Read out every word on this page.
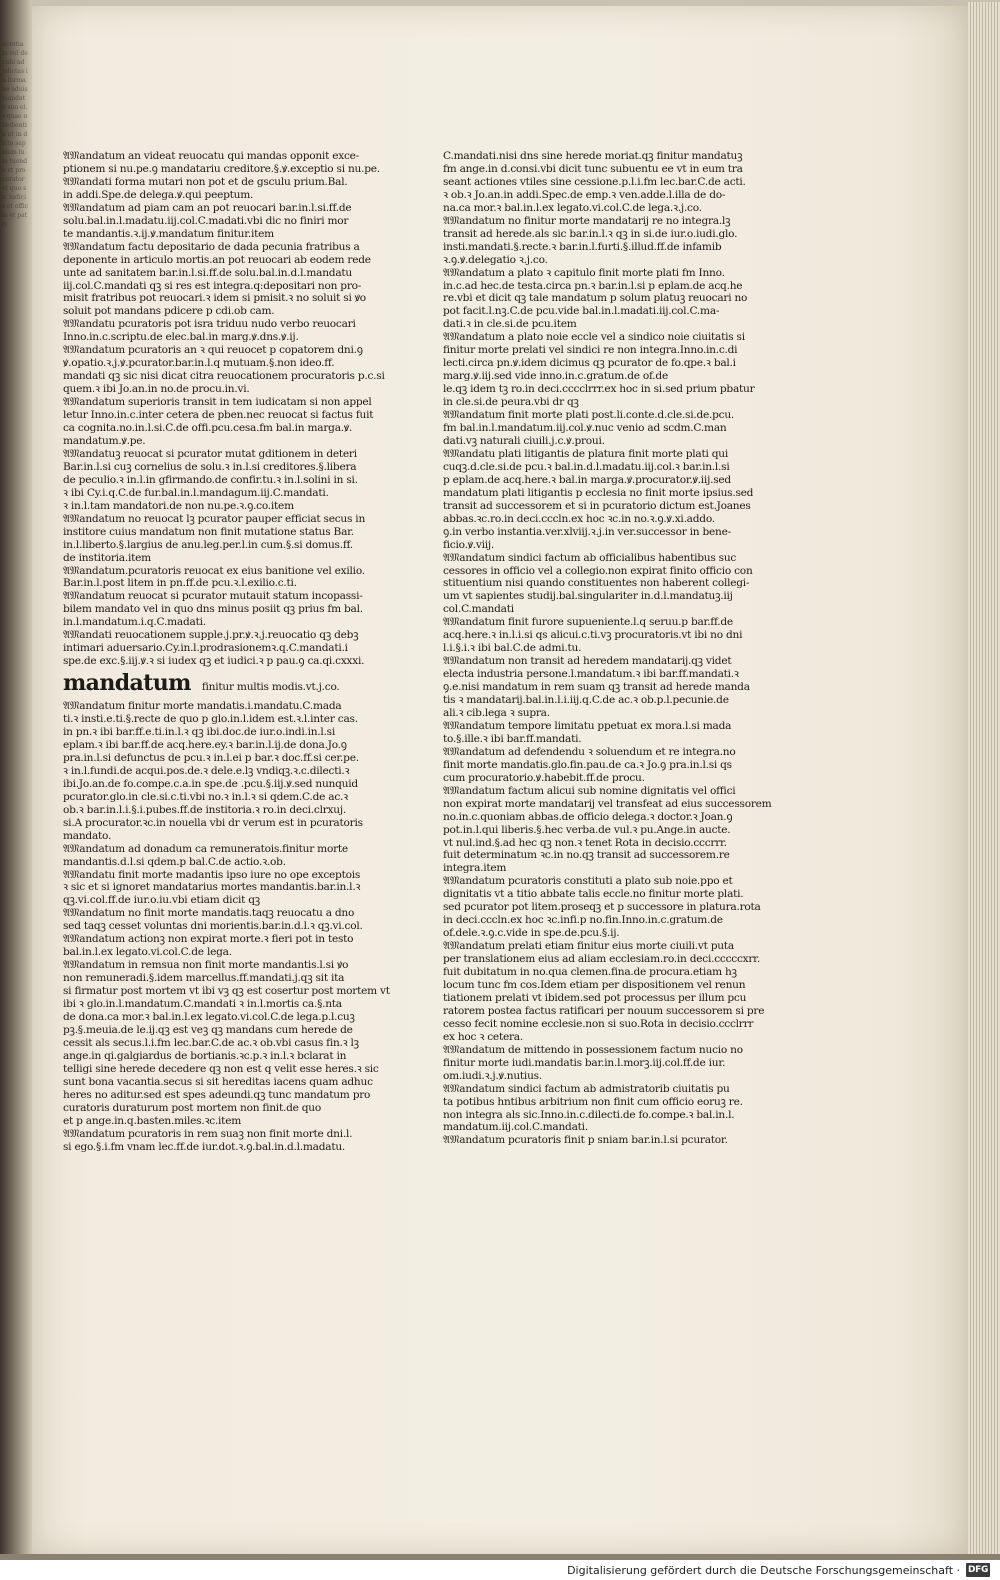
ncretiam vel decubi ad pdictas in forma ne aduis mandato suo ei.ꝛ quae obedientia ut in dicto sapoiam ium tuendo vt procurator et quo sic iudicis et officio et patri
𝔄𝔐andatum an videat reuocatu qui mandas opponit exce-
ptionem si nu.pe.ꝯ mandatariu creditore.§.ꝟ.exceptio si nu.pe.
𝔄𝔐andati forma mutari non pot et de gsculu prium.Bal.
in addi.Spe.de delega.ꝟ.qui peeptum.
𝔄𝔐andatum ad piam cam an pot reuocari bar.in.l.si.ff.de
solu.bal.in.l.madatu.iij.col.C.madati.vbi dic no finiri mor
te mandantis.ꝛ.ij.ꝟ.mandatum finitur.item
𝔄𝔐andatum factu depositario de dada pecunia fratribus a
deponente in articulo mortis.an pot reuocari ab eodem rede
unte ad sanitatem bar.in.l.si.ff.de solu.bal.in.d.l.mandatu
iij.col.C.mandati qꝫ si res est integra.q:depositari non pro-
misit fratribus pot reuocari.ꝛ idem si pmisit.ꝛ no soluit si ꝟo
soluit pot mandans pdicere p cdi.ob cam.
𝔄𝔐andatu pcuratoris pot isra triduu nudo verbo reuocari
Inno.in.c.scriptu.de elec.bal.in marg.ꝟ.dns.ꝟ.ij.
𝔄𝔐andatum pcuratoris an ꝛ qui reuocet p copatorem dni.ꝯ
ꝟ.opatio.ꝛ.j.ꝟ.pcurator.bar.in.l.q mutuam.§.non ideo.ff.
mandati qꝫ sic nisi dicat citra reuocationem procuratoris p.c.si
quem.ꝛ ibi Jo.an.in no.de procu.in.vi.
𝔄𝔐andatum superioris transit in tem iudicatam si non appel
letur Inno.in.c.inter cetera de pben.nec reuocat si factus fuit
ca cognita.no.in.l.si.C.de offi.pcu.cesa.fm bal.in marga.ꝟ.
mandatum.ꝟ.pe.
𝔄𝔐andatuꝫ reuocat si pcurator mutat gditionem in deteri
Bar.in.l.si cuꝫ cornelius de solu.ꝛ in.l.si creditores.§.libera
de peculio.ꝛ in.l.in gfirmando.de confir.tu.ꝛ in.l.solini in si.
ꝛ ibi Cy.i.q.C.de fur.bal.in.l.mandagum.iij.C.mandati.
ꝛ in.l.tam mandatori.de non nu.pe.ꝛ.ꝯ.co.item
𝔄𝔐andatum no reuocat lꝫ pcurator pauper efficiat secus in
institore cuius mandatum non finit mutatione status Bar.
in.l.liberto.§.largius de anu.leg.per.l.in cum.§.si domus.ff.
de institoria.item
𝔄𝔐andatum.pcuratoris reuocat ex eius banitione vel exilio.
Bar.in.l.post litem in pn.ff.de pcu.ꝛ.l.exilio.c.ti.
𝔄𝔐andatum reuocat si pcurator mutauit statum incopassi-
bilem mandato vel in quo dns minus posiit qꝫ prius fm bal.
in.l.mandatum.i.q.C.madati.
𝔄𝔐andati reuocationem supple.j.pr.ꝟ.ꝛ.j.reuocatio qꝫ debꝫ
intimari aduersario.Cy.in.l.prodrasionemꝛ.q.C.mandati.i
spe.de exc.§.iij.ꝟ.ꝛ si iudex qꝫ et iudici.ꝛ p pau.ꝯ ca.qi.cxxxi.
mandatum finitur multis modis.vt.j.co.
𝔄𝔐andatum finitur morte mandatis.i.mandatu.C.mada
ti.ꝛ insti.e.ti.§.recte de quo p glo.in.l.idem est.ꝛ.l.inter cas.
in pn.ꝛ ibi bar.ff.e.ti.in.l.ꝛ qꝫ ibi.doc.de iur.o.indi.in.l.si
eplam.ꝛ ibi bar.ff.de acq.here.ey.ꝛ bar.in.l.ij.de dona.Jo.ꝯ
pra.in.l.si defunctus de pcu.ꝛ in.l.ei p bar.ꝛ doc.ff.si cer.pe.
ꝛ in.l.fundi.de acqui.pos.de.ꝛ dele.e.lꝫ vndiqꝫ.ꝛ.c.dilecti.ꝛ
ibi.Jo.an.de fo.compe.c.a.in spe.de .pcu.§.iij.ꝟ.sed nunquid
pcurator.glo.in cle.si.c.ti.vbi no.ꝛ in.l.ꝛ si qdem.C.de ac.ꝛ
ob.ꝛ bar.in.l.i.§.i.pubes.ff.de institoria.ꝛ ro.in deci.clrxuj.
si.A procurator.ꝛc.in nouella vbi dr verum est in pcuratoris
mandato.
𝔄𝔐andatum ad donadum ca remuneratois.finitur morte
mandantis.d.l.si qdem.p bal.C.de actio.ꝛ.ob.
𝔄𝔐andatu finit morte madantis ipso iure no ope exceptois
ꝛ sic et si ignoret mandatarius mortes mandantis.bar.in.l.ꝛ
qꝫ.vi.col.ff.de iur.o.iu.vbi etiam dicit qꝫ
𝔄𝔐andatum no finit morte mandatis.taqꝫ reuocatu a dno
sed taqꝫ cesset voluntas dni morientis.bar.in.d.l.ꝛ qꝫ.vi.col.
𝔄𝔐andatum actionꝫ non expirat morte.ꝛ fieri pot in testo
bal.in.l.ex legato.vi.col.C.de lega.
𝔄𝔐andatum in remsua non finit morte mandantis.l.si ꝟo
non remuneradi.§.idem marcellus.ff.mandati.j.qꝫ sit ita
si firmatur post mortem vt ibi vꝫ qꝫ est cosertur post mortem vt
ibi ꝛ glo.in.l.mandatum.C.mandati ꝛ in.l.mortis ca.§.nta
de dona.ca mor.ꝛ bal.in.l.ex legato.vi.col.C.de lega.p.l.cuꝫ
pꝫ.§.meuia.de le.ij.qꝫ est veꝫ qꝫ mandans cum herede de
cessit als secus.l.i.fm lec.bar.C.de ac.ꝛ ob.vbi casus fin.ꝛ lꝫ
ange.in qi.galgiardus de bortianis.ꝛc.p.ꝛ in.l.ꝛ bclarat in
telligi sine herede decedere qꝫ non est q velit esse heres.ꝛ sic
sunt bona vacantia.secus si sit hereditas iacens quam adhuc
heres no aditur.sed est spes adeundi.qꝫ tunc mandatum pro
curatoris duraturum post mortem non finit.de quo
et p ange.in.q.basten.miles.ꝛc.item
𝔄𝔐andatum pcuratoris in rem suaꝫ non finit morte dni.l.
si ego.§.i.fm vnam lec.ff.de iur.dot.ꝛ.ꝯ.bal.in.d.l.madatu.
C.mandati.nisi dns sine herede moriat.qꝫ finitur mandatuꝫ
fm ange.in d.consi.vbi dicit tunc subuentu ee vt in eum tra
seant actiones vtiles sine cessione.p.l.i.fm lec.bar.C.de acti.
ꝛ ob.ꝛ Jo.an.in addi.Spec.de emp.ꝛ ven.adde.l.illa de do-
na.ca mor.ꝛ bal.in.l.ex legato.vi.col.C.de lega.ꝛ.j.co.
𝔄𝔐andatum no finitur morte mandatarij re no integra.lꝫ
transit ad herede.als sic bar.in.l.ꝛ qꝫ in si.de iur.o.iudi.glo.
insti.mandati.§.recte.ꝛ bar.in.l.furti.§.illud.ff.de infamib
ꝛ.ꝯ.ꝟ.delegatio ꝛ.j.co.
𝔄𝔐andatum a plato ꝛ capitulo finit morte plati fm Inno.
in.c.ad hec.de testa.circa pn.ꝛ bar.in.l.si p eplam.de acq.he
re.vbi et dicit qꝫ tale mandatum p solum platuꝫ reuocari no
pot facit.l.nꝫ.C.de pcu.vide bal.in.l.madati.iij.col.C.ma-
dati.ꝛ in cle.si.de pcu.item
𝔄𝔐andatum a plato noie eccle vel a sindico noie ciuitatis si
finitur morte prelati vel sindici re non integra.Inno.in.c.di
lecti.circa pn.ꝟ.idem dicimus qꝫ pcurator de fo.qpe.ꝛ bal.i
marg.ꝟ.iij.sed vide inno.in.c.gratum.de of.de
le.qꝫ idem tꝫ ro.in deci.cccclrrr.ex hoc in si.sed prium pbatur
in cle.si.de peura.vbi dr qꝫ
𝔄𝔐andatum finit morte plati post.li.conte.d.cle.si.de.pcu.
fm bal.in.l.mandatum.iij.col.ꝟ.nuc venio ad scdm.C.man
dati.vꝫ naturali ciuili.j.c.ꝟ.proui.
𝔄𝔐andatu plati litigantis de platura finit morte plati qui
cuqꝫ.d.cle.si.de pcu.ꝛ bal.in.d.l.madatu.iij.col.ꝛ bar.in.l.si
p eplam.de acq.here.ꝛ bal.in marga.ꝟ.procurator.ꝟ.iij.sed
mandatum plati litigantis p ecclesia no finit morte ipsius.sed
transit ad successorem et si in pcuratorio dictum est.Joanes
abbas.ꝛc.ro.in deci.cccln.ex hoc ꝛc.in no.ꝛ.ꝯ.ꝟ.xi.addo.
ꝯ.in verbo instantia.ver.xlviij.ꝛ.j.in ver.successor in bene-
ficio.ꝟ.viij.
𝔄𝔐andatum sindici factum ab officialibus habentibus suc
cessores in officio vel a collegio.non expirat finito officio con
stituentium nisi quando constituentes non haberent collegi-
um vt sapientes studij.bal.singulariter in.d.l.mandatuꝫ.iij
col.C.mandati
𝔄𝔐andatum finit furore supueniente.l.q seruu.p bar.ff.de
acq.here.ꝛ in.l.i.si qs alicui.c.ti.vꝫ procuratoris.vt ibi no dni
l.i.§.i.ꝛ ibi bal.C.de admi.tu.
𝔄𝔐andatum non transit ad heredem mandatarij.qꝫ videt
electa industria persone.l.mandatum.ꝛ ibi bar.ff.mandati.ꝛ
ꝯ.e.nisi mandatum in rem suam qꝫ transit ad herede manda
tis ꝛ mandatarij.bal.in.l.i.iij.q.C.de ac.ꝛ ob.p.l.pecunie.de
ali.ꝛ cib.lega ꝛ supra.
𝔄𝔐andatum tempore limitatu ppetuat ex mora.l.si mada
to.§.ille.ꝛ ibi bar.ff.mandati.
𝔄𝔐andatum ad defendendu ꝛ soluendum et re integra.no
finit morte mandatis.glo.fin.pau.de ca.ꝛ Jo.ꝯ pra.in.l.si qs
cum procuratorio.ꝟ.habebit.ff.de procu.
𝔄𝔐andatum factum alicui sub nomine dignitatis vel offici
non expirat morte mandatarij vel transfeat ad eius successorem
no.in.c.quoniam abbas.de officio delega.ꝛ doctor.ꝛ Joan.ꝯ
pot.in.l.qui liberis.§.hec verba.de vul.ꝛ pu.Ange.in aucte.
vt nul.ind.§.ad hec qꝫ non.ꝛ tenet Rota in decisio.cccrrr.
fuit determinatum ꝛc.in no.qꝫ transit ad successorem.re
integra.item
𝔄𝔐andatum pcuratoris constituti a plato sub noie.ppo et
dignitatis vt a titio abbate talis eccle.no finitur morte plati.
sed pcurator pot litem.proseqꝫ et p successore in platura.rota
in deci.cccln.ex hoc ꝛc.infi.p no.fin.Inno.in.c.gratum.de
of.dele.ꝛ.ꝯ.c.vide in spe.de.pcu.§.ij.
𝔄𝔐andatum prelati etiam finitur eius morte ciuili.vt puta
per translationem eius ad aliam ecclesiam.ro.in deci.cccccxrr.
fuit dubitatum in no.qua clemen.fina.de procura.etiam hꝫ
locum tunc fm cos.Idem etiam per dispositionem vel renun
tiationem prelati vt ibidem.sed pot processus per illum pcu
ratorem postea factus ratificari per nouum successorem si pre
cesso fecit nomine ecclesie.non si suo.Rota in decisio.ccclrrr
ex hoc ꝛ cetera.
𝔄𝔐andatum de mittendo in possessionem factum nucio no
finitur morte iudi.mandatis bar.in.l.morꝫ.iij.col.ff.de iur.
om.iudi.ꝛ.j.ꝟ.nutius.
𝔄𝔐andatum sindici factum ab admistratorib ciuitatis pu
ta potibus hntibus arbitrium non finit cum officio eoruꝫ re.
non integra als sic.Inno.in.c.dilecti.de fo.compe.ꝛ bal.in.l.
mandatum.iij.col.C.mandati.
𝔄𝔐andatum pcuratoris finit p sniam bar.in.l.si pcurator.
Digitalisierung gefördert durch die Deutsche Forschungsgemeinschaft · DFG
